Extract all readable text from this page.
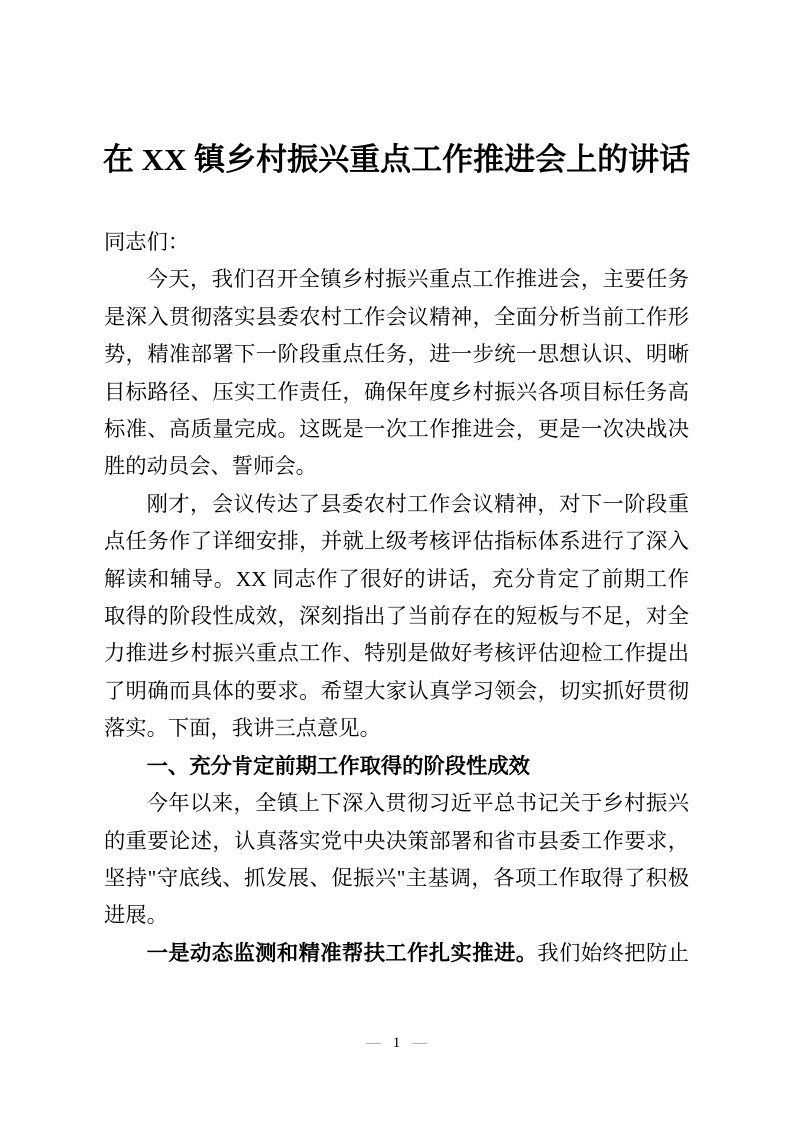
在 XX 镇乡村振兴重点工作推进会上的讲话

同志们：

今天，我们召开全镇乡村振兴重点工作推进会，主要任务是深入贯彻落实县委农村工作会议精神，全面分析当前工作形势，精准部署下一阶段重点任务，进一步统一思想认识、明晰目标路径、压实工作责任，确保年度乡村振兴各项目标任务高标准、高质量完成。这既是一次工作推进会，更是一次决战决胜的动员会、誓师会。

刚才，会议传达了县委农村工作会议精神，对下一阶段重点任务作了详细安排，并就上级考核评估指标体系进行了深入解读和辅导。XX 同志作了很好的讲话，充分肯定了前期工作取得的阶段性成效，深刻指出了当前存在的短板与不足，对全力推进乡村振兴重点工作、特别是做好考核评估迎检工作提出了明确而具体的要求。希望大家认真学习领会，切实抓好贯彻落实。下面，我讲三点意见。

一、充分肯定前期工作取得的阶段性成效

今年以来，全镇上下深入贯彻习近平总书记关于乡村振兴的重要论述，认真落实党中央决策部署和省市县委工作要求，坚持"守底线、抓发展、促振兴"主基调，各项工作取得了积极进展。

一是动态监测和精准帮扶工作扎实推进。我们始终把防止

— 1 —
